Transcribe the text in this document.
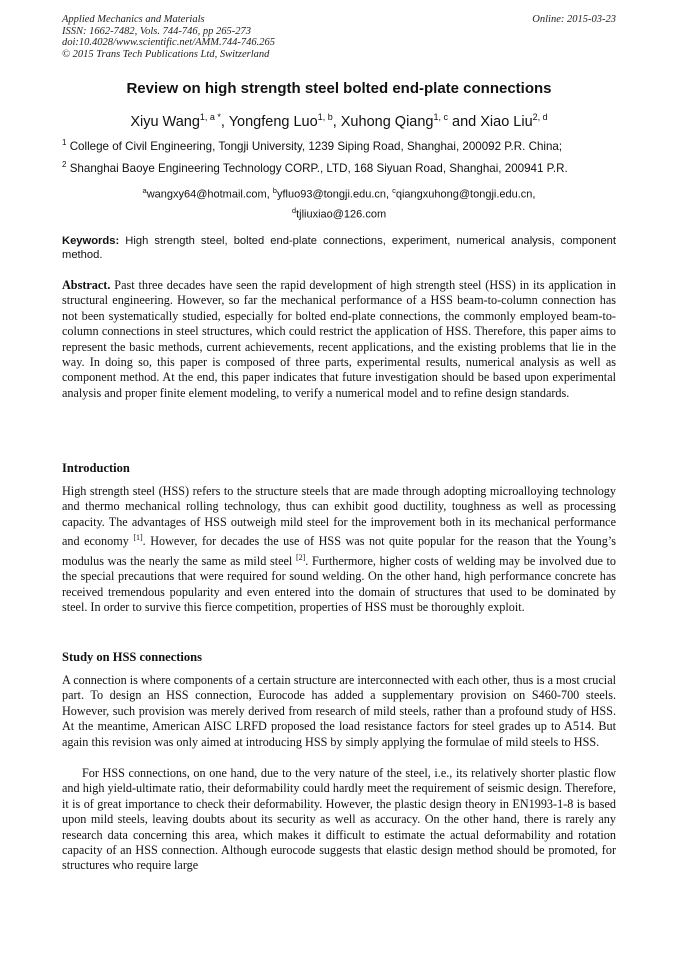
Applied Mechanics and Materials
ISSN: 1662-7482, Vols. 744-746, pp 265-273
doi:10.4028/www.scientific.net/AMM.744-746.265
© 2015 Trans Tech Publications Ltd, Switzerland
Online: 2015-03-23
Review on high strength steel bolted end-plate connections
Xiyu Wang$^{1, a *}$, Yongfeng Luo$^{1, b}$, Xuhong Qiang$^{1, c}$ and Xiao Liu$^{2, d}$
$^1$ College of Civil Engineering, Tongji University, 1239 Siping Road, Shanghai, 200092 P.R. China;
$^2$ Shanghai Baoye Engineering Technology CORP., LTD, 168 Siyuan Road, Shanghai, 200941 P.R.
$^a$wangxy64@hotmail.com, $^b$yfluo93@tongji.edu.cn, $^c$qiangxuhong@tongji.edu.cn,
$^d$tjliuxiao@126.com
Keywords: High strength steel, bolted end-plate connections, experiment, numerical analysis, component method.
Abstract. Past three decades have seen the rapid development of high strength steel (HSS) in its application in structural engineering. However, so far the mechanical performance of a HSS beam-to-column connection has not been systematically studied, especially for bolted end-plate connections, the commonly employed beam-to-column connections in steel structures, which could restrict the application of HSS. Therefore, this paper aims to represent the basic methods, current achievements, recent applications, and the existing problems that lie in the way. In doing so, this paper is composed of three parts, experimental results, numerical analysis as well as component method. At the end, this paper indicates that future investigation should be based upon experimental analysis and proper finite element modeling, to verify a numerical model and to refine design standards.
Introduction
High strength steel (HSS) refers to the structure steels that are made through adopting microalloying technology and thermo mechanical rolling technology, thus can exhibit good ductility, toughness as well as processing capacity. The advantages of HSS outweigh mild steel for the improvement both in its mechanical performance and economy [1]. However, for decades the use of HSS was not quite popular for the reason that the Young’s modulus was the nearly the same as mild steel [2]. Furthermore, higher costs of welding may be involved due to the special precautions that were required for sound welding. On the other hand, high performance concrete has received tremendous popularity and even entered into the domain of structures that used to be dominated by steel. In order to survive this fierce competition, properties of HSS must be thoroughly exploit.
Study on HSS connections
A connection is where components of a certain structure are interconnected with each other, thus is a most crucial part. To design an HSS connection, Eurocode has added a supplementary provision on S460-700 steels. However, such provision was merely derived from research of mild steels, rather than a profound study of HSS. At the meantime, American AISC LRFD proposed the load resistance factors for steel grades up to A514. But again this revision was only aimed at introducing HSS by simply applying the formulae of mild steels to HSS.
For HSS connections, on one hand, due to the very nature of the steel, i.e., its relatively shorter plastic flow and high yield-ultimate ratio, their deformability could hardly meet the requirement of seismic design. Therefore, it is of great importance to check their deformability. However, the plastic design theory in EN1993-1-8 is based upon mild steels, leaving doubts about its security as well as accuracy. On the other hand, there is rarely any research data concerning this area, which makes it difficult to estimate the actual deformability and rotation capacity of an HSS connection. Although eurocode suggests that elastic design method should be promoted, for structures who require large
